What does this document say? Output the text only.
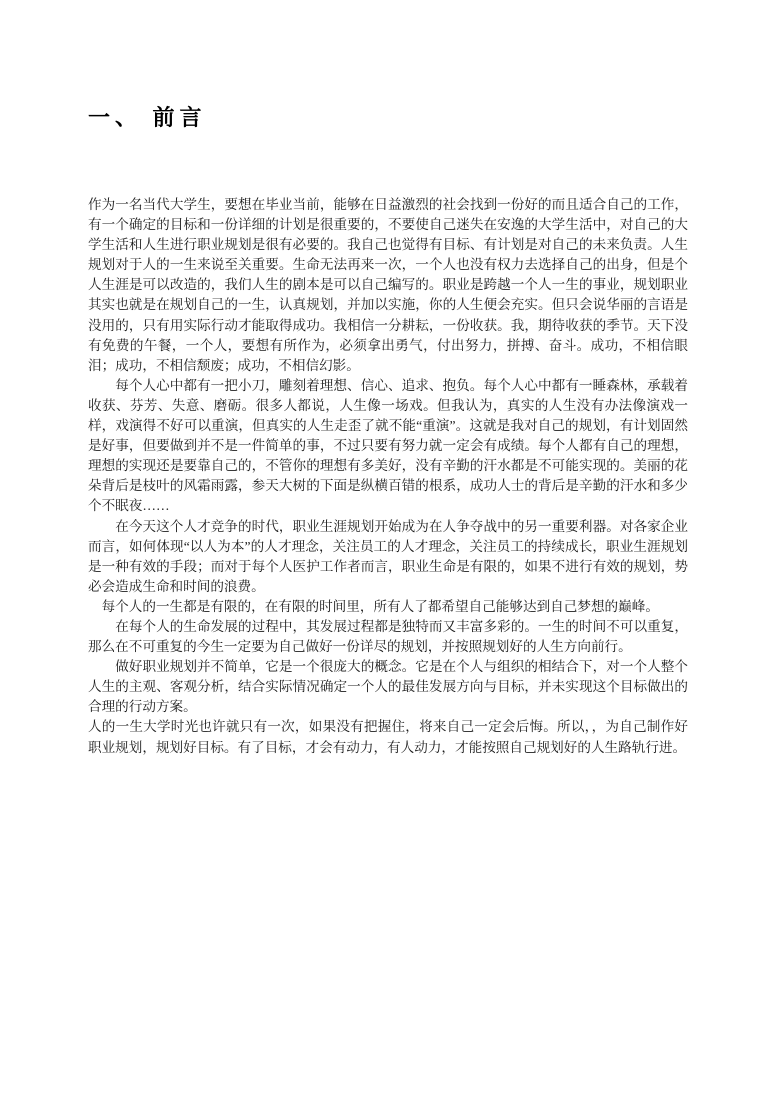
一、 前言

作为一名当代大学生，要想在毕业当前，能够在日益激烈的社会找到一份好的而且适合自己的工作，有一个确定的目标和一份详细的计划是很重要的，不要使自己迷失在安逸的大学生活中，对自己的大学生活和人生进行职业规划是很有必要的。我自己也觉得有目标、有计划是对自己的未来负责。人生规划对于人的一生来说至关重要。生命无法再来一次，一个人也没有权力去选择自己的出身，但是个人生涯是可以改造的，我们人生的剧本是可以自己编写的。职业是跨越一个人一生的事业，规划职业其实也就是在规划自己的一生，认真规划，并加以实施，你的人生便会充实。但只会说华丽的言语是没用的，只有用实际行动才能取得成功。我相信一分耕耘，一份收获。我，期待收获的季节。天下没有免费的午餐，一个人，要想有所作为，必须拿出勇气，付出努力，拼搏、奋斗。成功，不相信眼泪；成功，不相信颓废；成功，不相信幻影。

每个人心中都有一把小刀，雕刻着理想、信心、追求、抱负。每个人心中都有一睡森林，承载着收获、芬芳、失意、磨砺。很多人都说，人生像一场戏。但我认为，真实的人生没有办法像演戏一样，戏演得不好可以重演，但真实的人生走歪了就不能“重演”。这就是我对自己的规划，有计划固然是好事，但要做到并不是一件简单的事，不过只要有努力就一定会有成绩。每个人都有自己的理想，理想的实现还是要靠自己的，不管你的理想有多美好，没有辛勤的汗水都是不可能实现的。美丽的花朵背后是枝叶的风霜雨露，参天大树的下面是纵横百错的根系，成功人士的背后是辛勤的汗水和多少个不眠夜……

在今天这个人才竞争的时代，职业生涯规划开始成为在人争夺战中的另一重要利器。对各家企业而言，如何体现“以人为本”的人才理念，关注员工的人才理念，关注员工的持续成长，职业生涯规划是一种有效的手段；而对于每个人医护工作者而言，职业生命是有限的，如果不进行有效的规划，势必会造成生命和时间的浪费。

每个人的一生都是有限的，在有限的时间里，所有人了都希望自己能够达到自己梦想的巅峰。

在每个人的生命发展的过程中，其发展过程都是独特而又丰富多彩的。一生的时间不可以重复，那么在不可重复的今生一定要为自己做好一份详尽的规划，并按照规划好的人生方向前行。

做好职业规划并不简单，它是一个很庞大的概念。它是在个人与组织的相结合下，对一个人整个人生的主观、客观分析，结合实际情况确定一个人的最佳发展方向与目标，并未实现这个目标做出的合理的行动方案。

人的一生大学时光也许就只有一次，如果没有把握住，将来自己一定会后悔。所以，，为自己制作好职业规划，规划好目标。有了目标，才会有动力，有人动力，才能按照自己规划好的人生路轨行进。
